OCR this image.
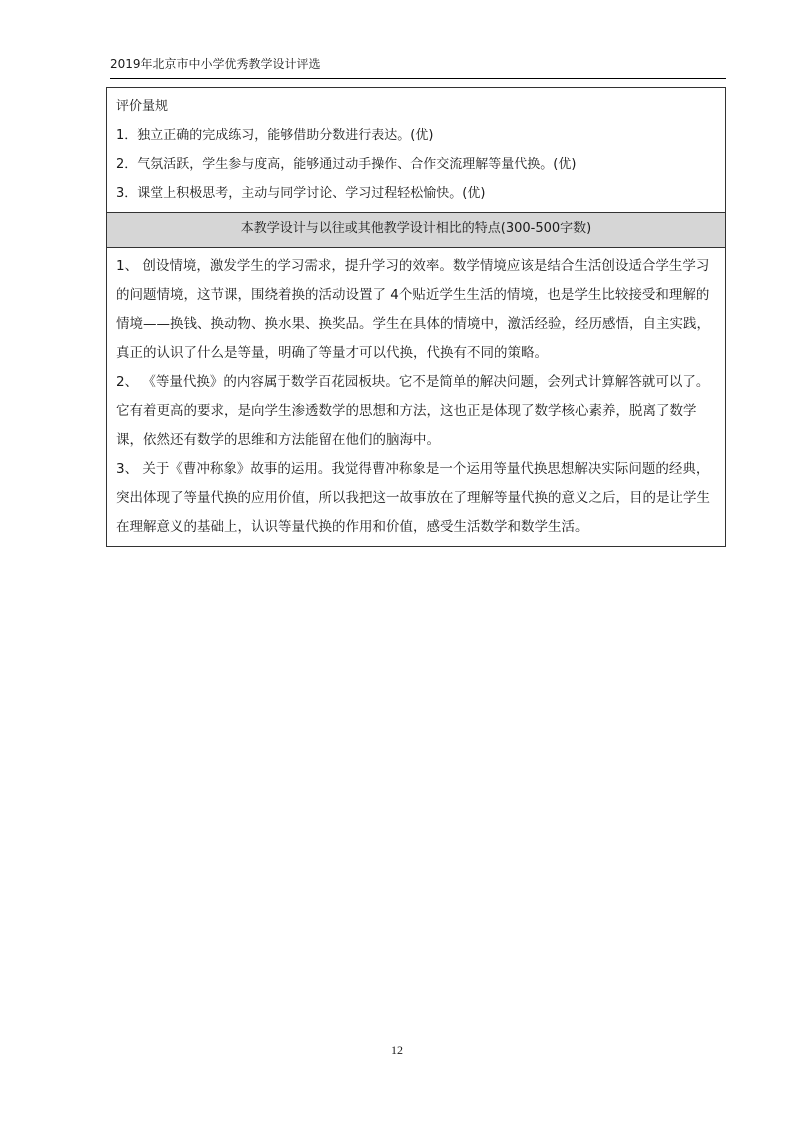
2019年北京市中小学优秀教学设计评选
评价量规
1．独立正确的完成练习，能够借助分数进行表达。(优)
2．气氛活跃，学生参与度高，能够通过动手操作、合作交流理解等量代换。(优)
3．课堂上积极思考，主动与同学讨论、学习过程轻松愉快。(优)

本教学设计与以往或其他教学设计相比的特点(300-500字数)

1、 创设情境，激发学生的学习需求，提升学习的效率。数学情境应该是结合生活创设适合学生学习的问题情境，这节课，围绕着换的活动设置了 4个贴近学生生活的情境，也是学生比较接受和理解的情境——换钱、换动物、换水果、换奖品。学生在具体的情境中，激活经验，经历感悟，自主实践，真正的认识了什么是等量，明确了等量才可以代换，代换有不同的策略。

2、 《等量代换》的内容属于数学百花园板块。它不是简单的解决问题，会列式计算解答就可以了。它有着更高的要求，是向学生渗透数学的思想和方法，这也正是体现了数学核心素养，脱离了数学课，依然还有数学的思维和方法能留在他们的脑海中。

3、 关于《曹冲称象》故事的运用。我觉得曹冲称象是一个运用等量代换思想解决实际问题的经典，突出体现了等量代换的应用价值，所以我把这一故事放在了理解等量代换的意义之后，目的是让学生在理解意义的基础上，认识等量代换的作用和价值，感受生活数学和数学生活。

12
